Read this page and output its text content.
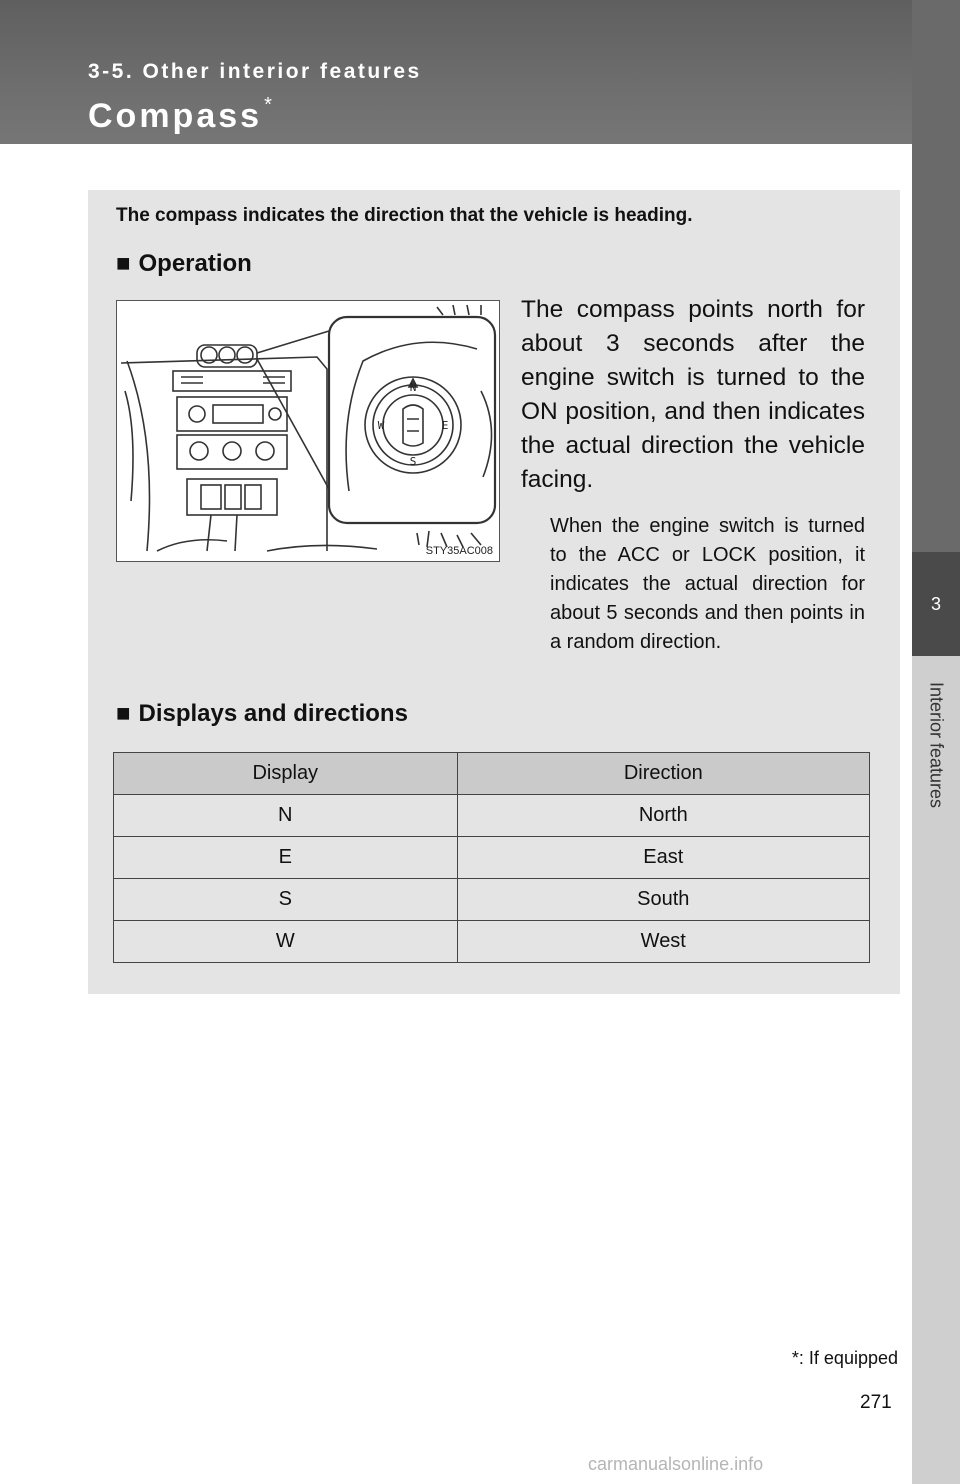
3-5. Other interior features
Compass *
3
Interior features
The compass indicates the direction that the vehicle is heading.
■ Operation
N
E
S
W
STY35AC008
The compass points north for about 3 seconds after the engine switch is turned to the ON position, and then indicates the actual direction the vehicle facing.
When the engine switch is turned to the ACC or LOCK position, it indicates the actual direction for about 5 seconds and then points in a random direction.
■ Displays and directions
Display	Direction
N	North
E	East
S	South
W	West
*: If equipped
271
carmanualsonline.info
